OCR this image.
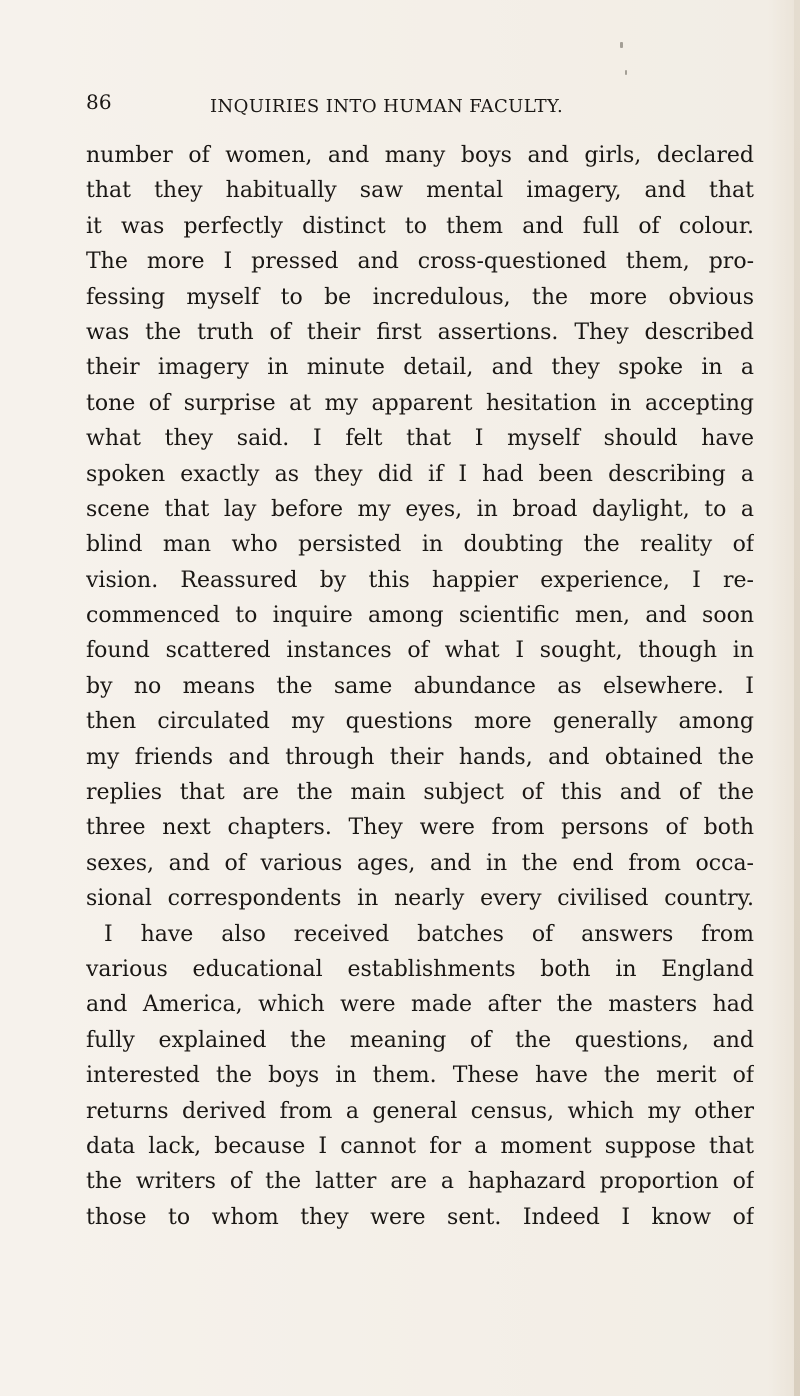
86	INQUIRIES INTO HUMAN FACULTY.
number of women, and many boys and girls, declared
that they habitually saw mental imagery, and that
it was perfectly distinct to them and full of colour.
The more I pressed and cross-questioned them, pro-
fessing myself to be incredulous, the more obvious
was the truth of their first assertions. They described
their imagery in minute detail, and they spoke in a
tone of surprise at my apparent hesitation in accepting
what they said. I felt that I myself should have
spoken exactly as they did if I had been describing a
scene that lay before my eyes, in broad daylight, to a
blind man who persisted in doubting the reality of
vision. Reassured by this happier experience, I re-
commenced to inquire among scientific men, and soon
found scattered instances of what I sought, though in
by no means the same abundance as elsewhere. I
then circulated my questions more generally among
my friends and through their hands, and obtained the
replies that are the main subject of this and of the
three next chapters. They were from persons of both
sexes, and of various ages, and in the end from occa-
sional correspondents in nearly every civilised country.
I have also received batches of answers from
various educational establishments both in England
and America, which were made after the masters had
fully explained the meaning of the questions, and
interested the boys in them. These have the merit of
returns derived from a general census, which my other
data lack, because I cannot for a moment suppose that
the writers of the latter are a haphazard proportion of
those to whom they were sent. Indeed I know of
